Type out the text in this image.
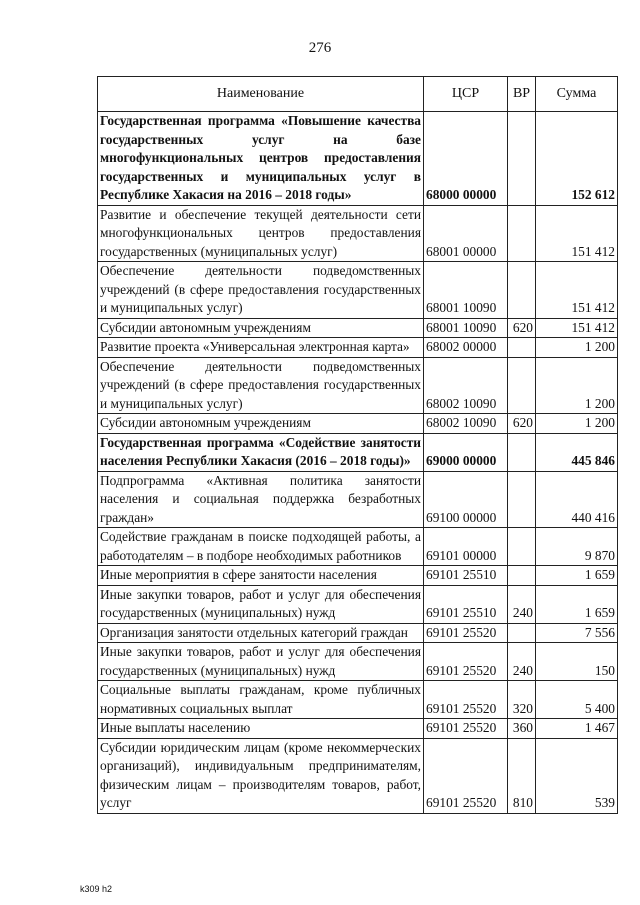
276
Наименование	ЦСР	ВР	Сумма
Государственная программа «Повышение качества государственных услуг на базе многофункциональных центров предоставления государственных и муниципальных услуг в Республике Хакасия на 2016 – 2018 годы»	68000 00000		152 612
Развитие и обеспечение текущей деятельности сети многофункциональных центров предоставления государственных (муниципальных услуг)	68001 00000		151 412
Обеспечение деятельности подведомственных учреждений (в сфере предоставления государственных и муниципальных услуг)	68001 10090		151 412
Субсидии автономным учреждениям	68001 10090	620	151 412
Развитие проекта «Универсальная электронная карта»	68002 00000		1 200
Обеспечение деятельности подведомственных учреждений (в сфере предоставления государственных и муниципальных услуг)	68002 10090		1 200
Субсидии автономным учреждениям	68002 10090	620	1 200
Государственная программа «Содействие занятости населения Республики Хакасия (2016 – 2018 годы)»	69000 00000		445 846
Подпрограмма «Активная политика занятости населения и социальная поддержка безработных граждан»	69100 00000		440 416
Содействие гражданам в поиске подходящей работы, а работодателям – в подборе необходимых работников	69101 00000		9 870
Иные мероприятия в сфере занятости населения	69101 25510		1 659
Иные закупки товаров, работ и услуг для обеспечения государственных (муниципальных) нужд	69101 25510	240	1 659
Организация занятости отдельных категорий граждан	69101 25520		7 556
Иные закупки товаров, работ и услуг для обеспечения государственных (муниципальных) нужд	69101 25520	240	150
Социальные выплаты гражданам, кроме публичных нормативных социальных выплат	69101 25520	320	5 400
Иные выплаты населению	69101 25520	360	1 467
Субсидии юридическим лицам (кроме некоммерческих организаций), индивидуальным предпринимателям, физическим лицам – производителям товаров, работ, услуг	69101 25520	810	539
k309 h2
